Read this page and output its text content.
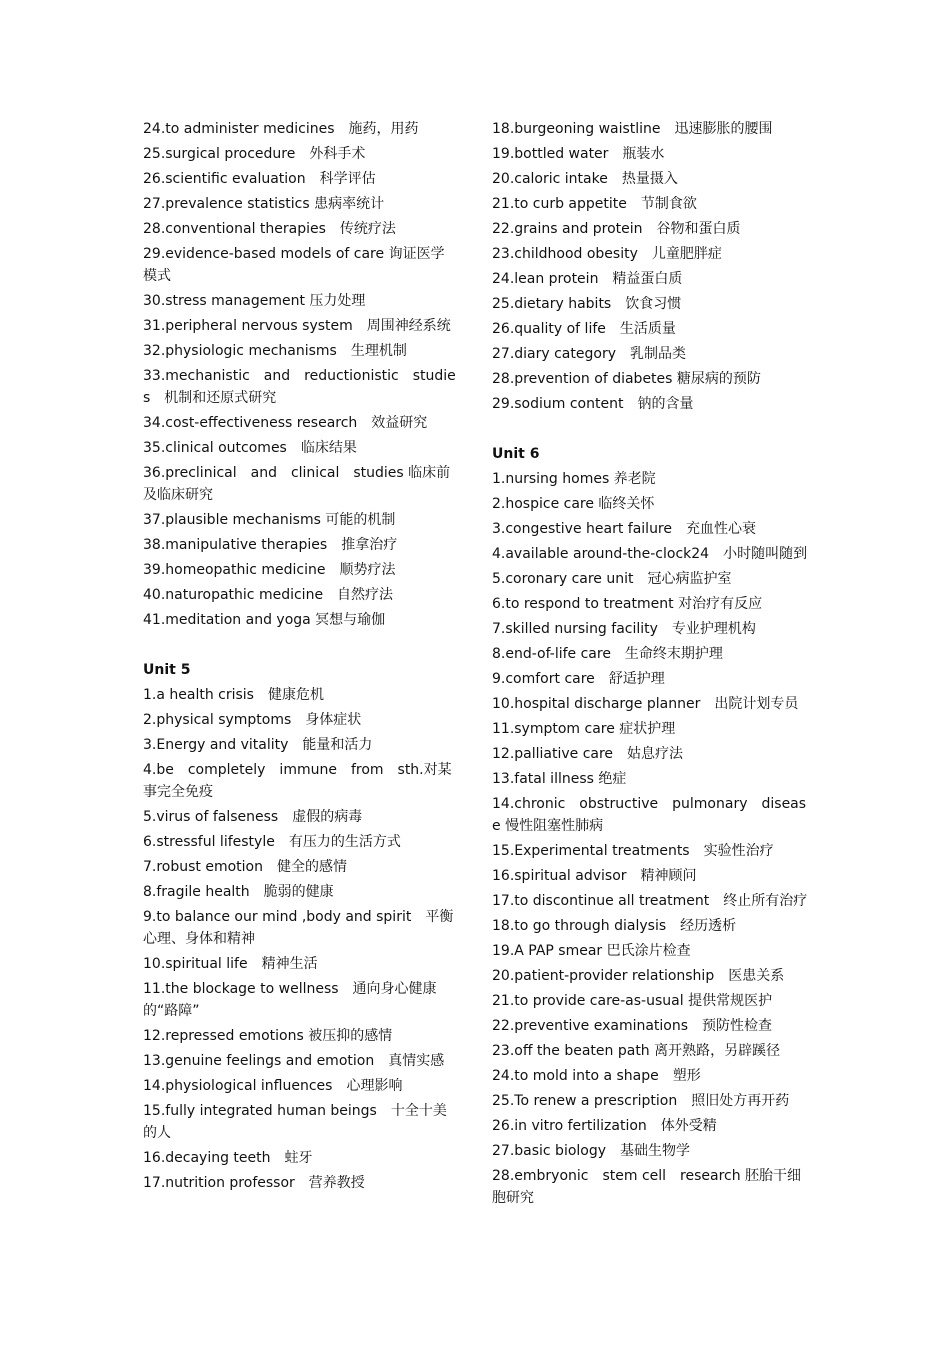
24.to administer medicines　施药，用药
25.surgical procedure　外科手术
26.scientific evaluation　科学评估
27.prevalence statistics 患病率统计
28.conventional therapies　传统疗法
29.evidence-based models of care 询证医学模式
30.stress management 压力处理
31.peripheral nervous system　周围神经系统
32.physiologic mechanisms　生理机制
33.mechanistic　and　reductionistic　studies　机制和还原式研究
34.cost-effectiveness research　效益研究
35.clinical outcomes　临床结果
36.preclinical　and　clinical　studies 临床前及临床研究
37.plausible mechanisms 可能的机制
38.manipulative therapies　推拿治疗
39.homeopathic medicine　顺势疗法
40.naturopathic medicine　自然疗法
41.meditation and yoga 冥想与瑜伽
Unit 5
1.a health crisis　健康危机
2.physical symptoms　身体症状
3.Energy and vitality　能量和活力
4.be　completely　immune　from　sth.对某事完全免疫
5.virus of falseness　虚假的病毒
6.stressful lifestyle　有压力的生活方式
7.robust emotion　健全的感情
8.fragile health　脆弱的健康
9.to balance our mind ,body and spirit　平衡心理、身体和精神
10.spiritual life　精神生活
11.the blockage to wellness　通向身心健康的“路障”
12.repressed emotions 被压抑的感情
13.genuine feelings and emotion　真情实感
14.physiological influences　心理影响
15.fully integrated human beings　十全十美的人
16.decaying teeth　蛀牙
17.nutrition professor　营养教授
18.burgeoning waistline　迅速膨胀的腰围
19.bottled water　瓶装水
20.caloric intake　热量摄入
21.to curb appetite　节制食欲
22.grains and protein　谷物和蛋白质
23.childhood obesity　儿童肥胖症
24.lean protein　精益蛋白质
25.dietary habits　饮食习惯
26.quality of life　生活质量
27.diary category　乳制品类
28.prevention of diabetes 糖尿病的预防
29.sodium content　钠的含量
Unit 6
1.nursing homes 养老院
2.hospice care 临终关怀
3.congestive heart failure　充血性心衰
4.available around-the-clock24　小时随叫随到
5.coronary care unit　冠心病监护室
6.to respond to treatment 对治疗有反应
7.skilled nursing facility　专业护理机构
8.end-of-life care　生命终末期护理
9.comfort care　舒适护理
10.hospital discharge planner　出院计划专员
11.symptom care 症状护理
12.palliative care　姑息疗法
13.fatal illness 绝症
14.chronic　obstructive　pulmonary　disease 慢性阻塞性肺病
15.Experimental treatments　实验性治疗
16.spiritual advisor　精神顾问
17.to discontinue all treatment　终止所有治疗
18.to go through dialysis　经历透析
19.A PAP smear 巴氏涂片检查
20.patient-provider relationship　医患关系
21.to provide care-as-usual 提供常规医护
22.preventive examinations　预防性检查
23.off the beaten path 离开熟路，另辟蹊径
24.to mold into a shape　塑形
25.To renew a prescription　照旧处方再开药
26.in vitro fertilization　体外受精
27.basic biology　基础生物学
28.embryonic　stem cell　research 胚胎干细胞研究
